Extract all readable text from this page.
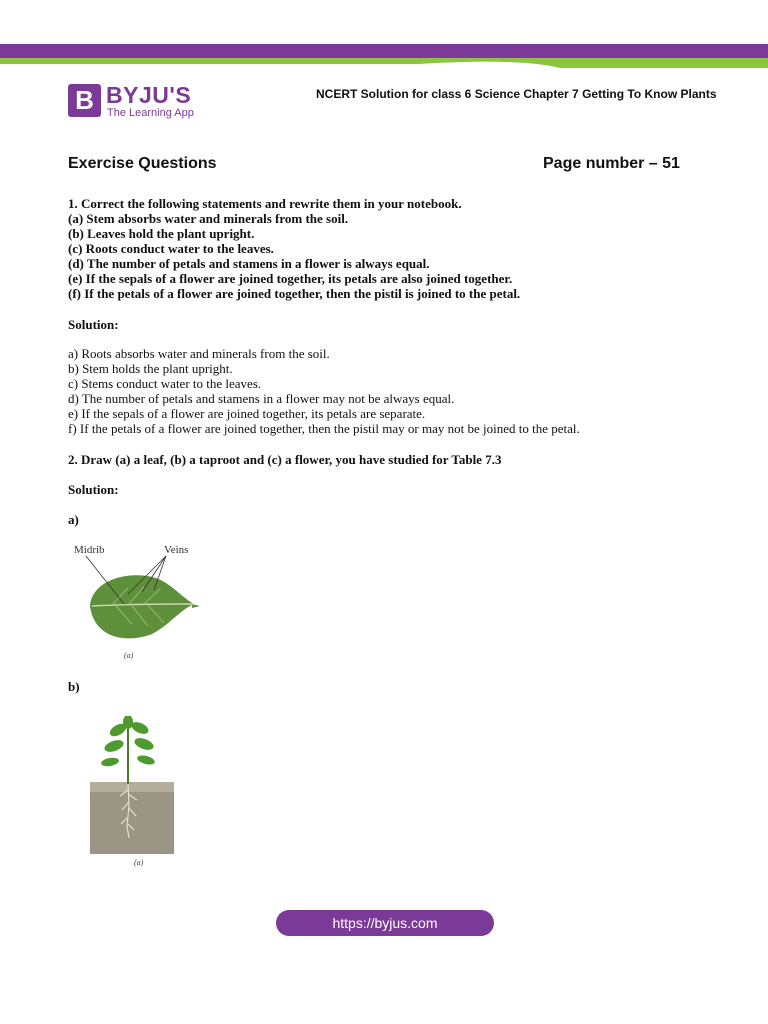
B BYJU'S
The Learning App
NCERT Solution for class 6 Science Chapter 7 Getting To Know Plants
Exercise Questions	Page number – 51
1. Correct the following statements and rewrite them in your notebook.
(a) Stem absorbs water and minerals from the soil.
(b) Leaves hold the plant upright.
(c) Roots conduct water to the leaves.
(d) The number of petals and stamens in a flower is always equal.
(e) If the sepals of a flower are joined together, its petals are also joined together.
(f) If the petals of a flower are joined together, then the pistil is joined to the petal.
Solution:
a) Roots absorbs water and minerals from the soil.
b) Stem holds the plant upright.
c) Stems conduct water to the leaves.
d) The number of petals and stamens in a flower may not be always equal.
e) If the sepals of a flower are joined together, its petals are separate.
f) If the petals of a flower are joined together, then the pistil may or may not be joined to the petal.
2. Draw (a) a leaf, (b) a taproot and (c) a flower, you have studied for Table 7.3
Solution:
a)
Midrib	Veins
(a)
b)
(a)
https://byjus.com
